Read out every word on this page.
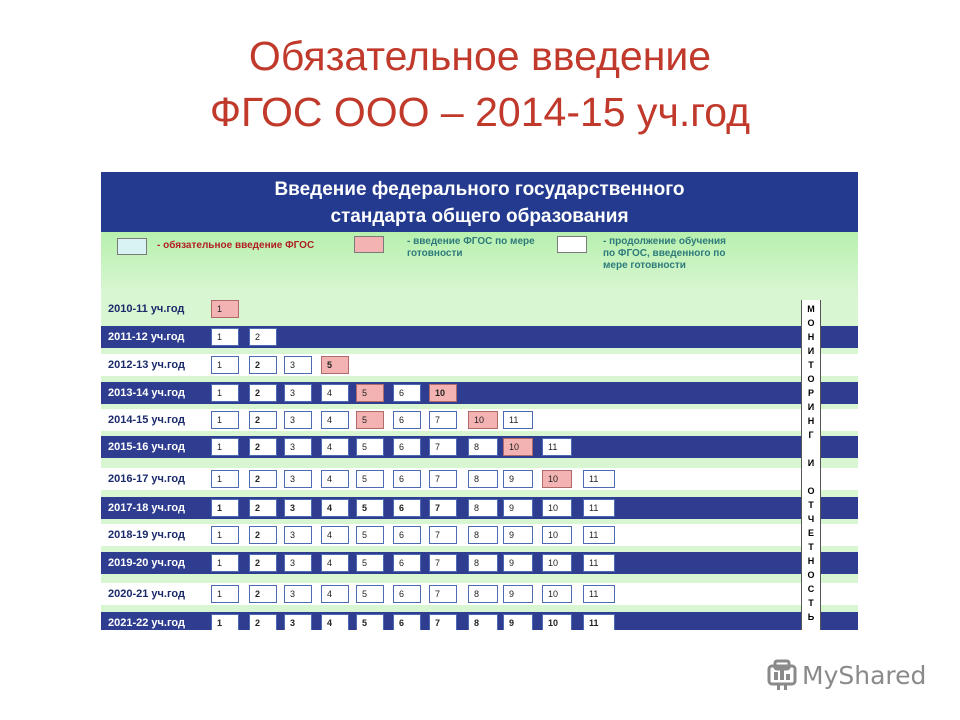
Обязательное введение
ФГОС ООО – 2014-15 уч.год
Введение федерального государственного
стандарта общего образования
- обязательное введение ФГОС	- введение ФГОС по мере готовности
- продолжение обучения по ФГОС, введенного по мере готовности
2010-11 уч.год	1
2011-12 уч.год	1	2
2012-13 уч.год	1	2	3	5
2013-14 уч.год	1	2	3	4	5	6	10
2014-15 уч.год	1	2	3	4	5	6	7	10	11
2015-16 уч.год	1	2	3	4	5	6	7	8	10	11
2016-17 уч.год	1	2	3	4	5	6	7	8	9	10	11
2017-18 уч.год	1	2	3	4	5	6	7	8	9	10	11
2018-19 уч.год	1	2	3	4	5	6	7	8	9	10	11
2019-20 уч.год	1	2	3	4	5	6	7	8	9	10	11
2020-21 уч.год	1	2	3	4	5	6	7	8	9	10	11
2021-22 уч.год	1	2	3	4	5	6	7	8	9	10	11
М
О
Н
И
Т
О
Р
И
Н
Г
И
О
Т
Ч
Е
Т
Н
О
С
Т
Ь
MyShared
